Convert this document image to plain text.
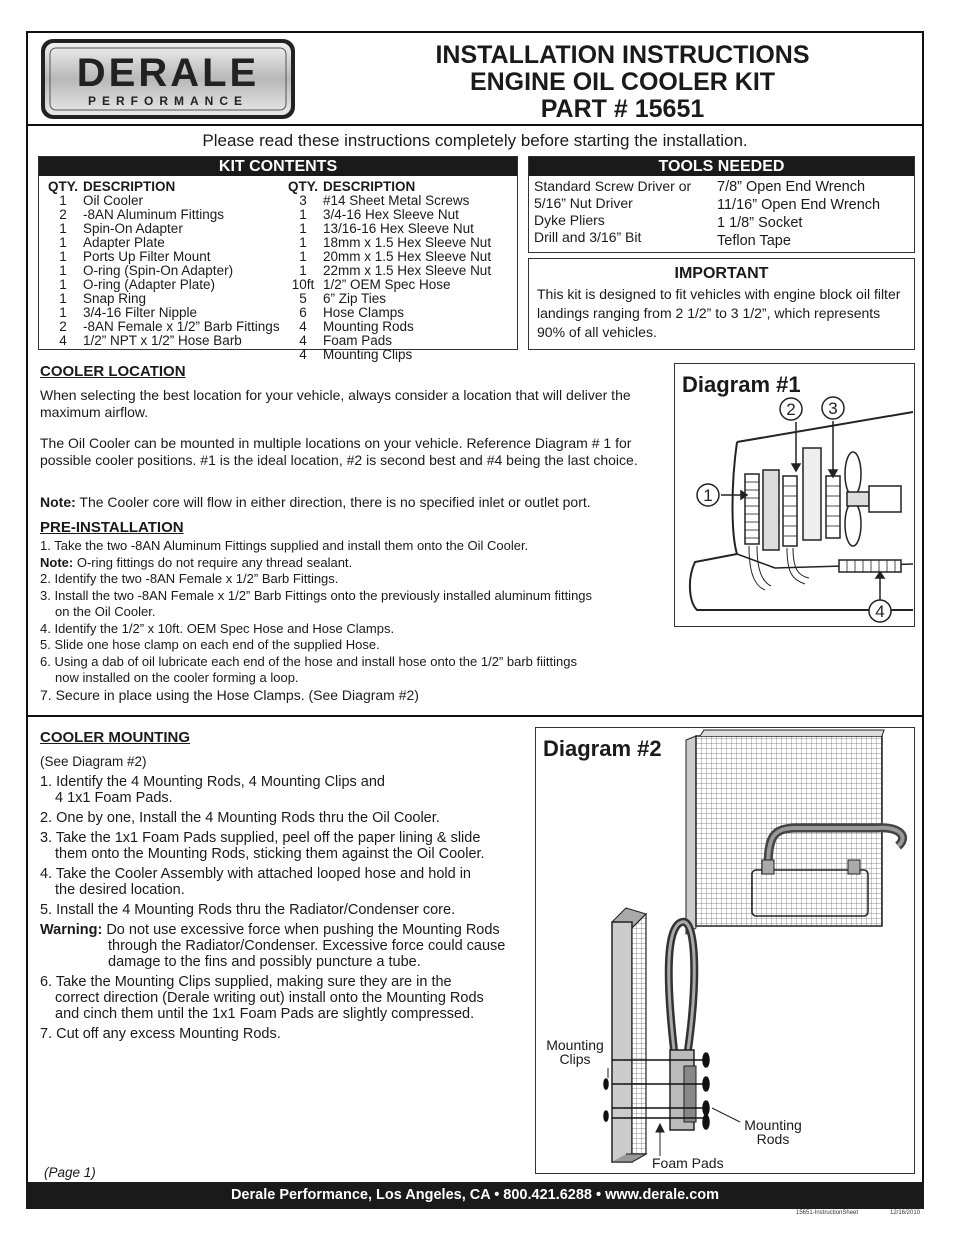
DERALE
PERFORMANCE
INSTALLATION INSTRUCTIONS
ENGINE OIL COOLER KIT
PART # 15651
Please read these instructions completely before starting the installation.
KIT CONTENTS
QTY. DESCRIPTION
1	Oil Cooler
2	-8AN Aluminum Fittings
1	Spin-On Adapter
1	Adapter Plate
1	Ports Up Filter Mount
1	O-ring (Spin-On Adapter)
1	O-ring (Adapter Plate)
1	Snap Ring
1	3/4-16 Filter Nipple
2	-8AN Female x 1/2” Barb Fittings
4	1/2” NPT x 1/2” Hose Barb
QTY. DESCRIPTION
3	#14 Sheet Metal Screws
1	3/4-16 Hex Sleeve Nut
1	13/16-16 Hex Sleeve Nut
1	18mm x 1.5 Hex Sleeve Nut
1	20mm x 1.5 Hex Sleeve Nut
1	22mm x 1.5 Hex Sleeve Nut
10ft 1/2” OEM Spec Hose
5	6” Zip Ties
6	Hose Clamps
4	Mounting Rods
4	Foam Pads
4	Mounting Clips
TOOLS NEEDED
Standard Screw Driver or
5/16” Nut Driver
Dyke Pliers
Drill and 3/16” Bit
7/8” Open End Wrench
11/16” Open End Wrench
1 1/8” Socket
Teflon Tape
IMPORTANT
This kit is designed to fit vehicles with engine block oil filter landings ranging from 2 1/2” to 3 1/2”, which represents 90% of all vehicles.
COOLER LOCATION
When selecting the best location for your vehicle, always consider a location that will deliver the maximum airflow.
The Oil Cooler can be mounted in multiple locations on your vehicle. Reference Diagram # 1 for possible cooler positions. #1 is the ideal location, #2 is second best and #4 being the last choice.
Note: The Cooler core will flow in either direction, there is no specified inlet or outlet port.
PRE-INSTALLATION
1. Take the two -8AN Aluminum Fittings supplied and install them onto the Oil Cooler.
Note: O-ring fittings do not require any thread sealant.
2. Identify the two -8AN Female x 1/2” Barb Fittings.
3. Install the two -8AN Female x 1/2” Barb Fittings onto the previously installed aluminum fittings
on the Oil Cooler.
4. Identify the 1/2” x 10ft. OEM Spec Hose and Hose Clamps.
5. Slide one hose clamp on each end of the supplied Hose.
6. Using a dab of oil lubricate each end of the hose and install hose onto the 1/2” barb fiittings
now installed on the cooler forming a loop.
7. Secure in place using the Hose Clamps. (See Diagram #2)
Diagram #1
1
2 3
4
COOLER MOUNTING
(See Diagram #2)
1. Identify the 4 Mounting Rods, 4 Mounting Clips and
4 1x1 Foam Pads.
2. One by one, Install the 4 Mounting Rods thru the Oil Cooler.
3. Take the 1x1 Foam Pads supplied, peel off the paper lining & slide
them onto the Mounting Rods, sticking them against the Oil Cooler.
4. Take the Cooler Assembly with attached looped hose and hold in
the desired location.
5. Install the 4 Mounting Rods thru the Radiator/Condenser core.
Warning: Do not use excessive force when pushing the Mounting Rods
through the Radiator/Condenser. Excessive force could cause
damage to the fins and possibly puncture a tube.
6. Take the Mounting Clips supplied, making sure they are in the
correct direction (Derale writing out) install onto the Mounting Rods
and cinch them until the 1x1 Foam Pads are slightly compressed.
7. Cut off any excess Mounting Rods.
Diagram #2
Mounting
Clips
Mounting
Rods
Foam Pads
(Page 1)
Derale Performance, Los Angeles, CA • 800.421.6288 • www.derale.com
15651-InstructionSheet	12/16/2010
